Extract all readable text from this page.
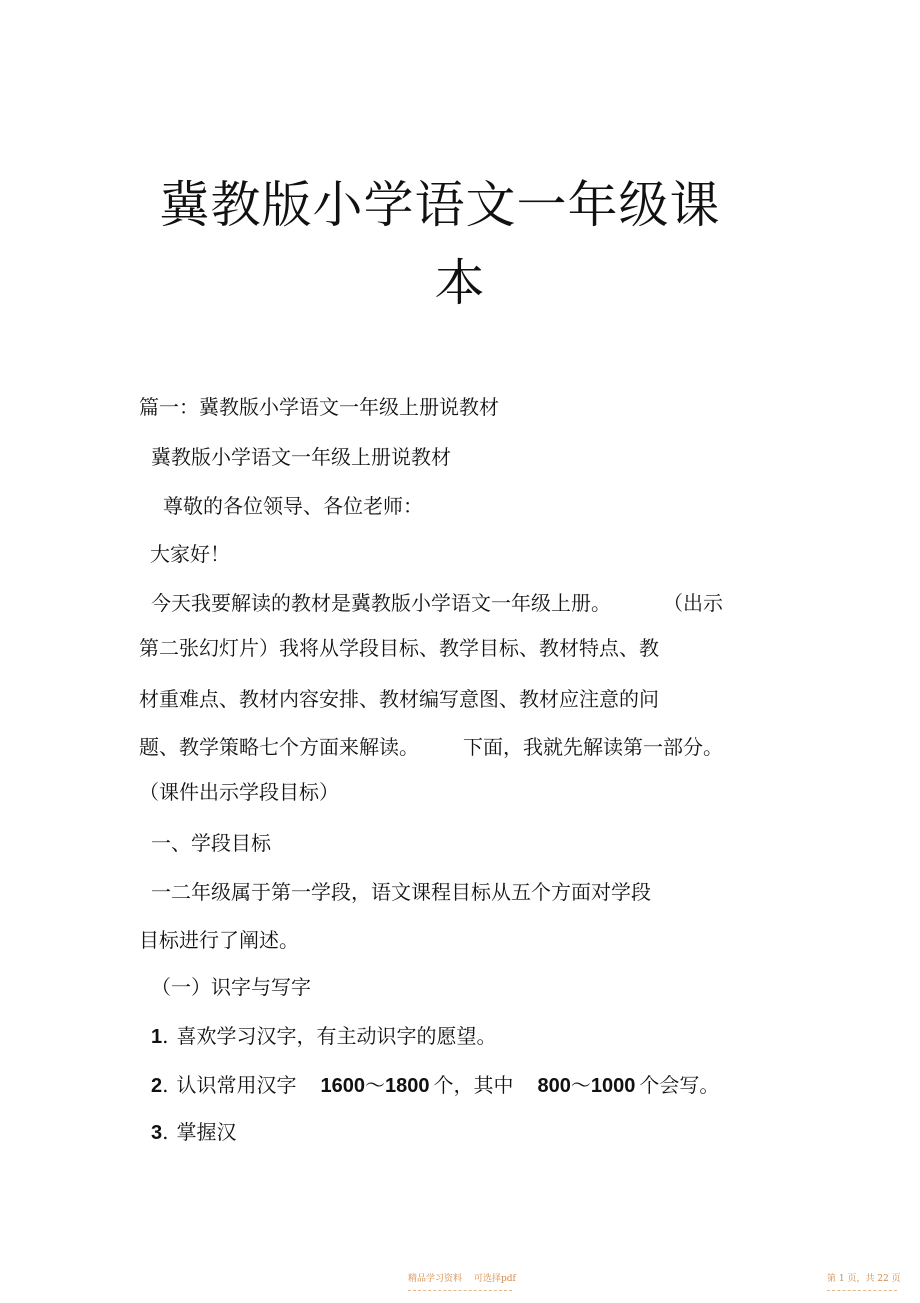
冀教版小学语文一年级课
本

篇一：冀教版小学语文一年级上册说教材

冀教版小学语文一年级上册说教材

尊敬的各位领导、各位老师：

大家好！

今天我要解读的教材是冀教版小学语文一年级上册。	（出示

第二张幻灯片）我将从学段目标、教学目标、教材特点、教

材重难点、教材内容安排、教材编写意图、教材应注意的问

题、教学策略七个方面来解读。 下面，我就先解读第一部分。

（课件出示学段目标）

一、学段目标

一二年级属于第一学段，语文课程目标从五个方面对学段

目标进行了阐述。

（一）识字与写字

1. 喜欢学习汉字，有主动识字的愿望。

2. 认识常用汉字 1600～1800 个，其中 800～1000 个会写。

3. 掌握汉

精品学习资料 可选择pdf	第 1 页，共 22 页
